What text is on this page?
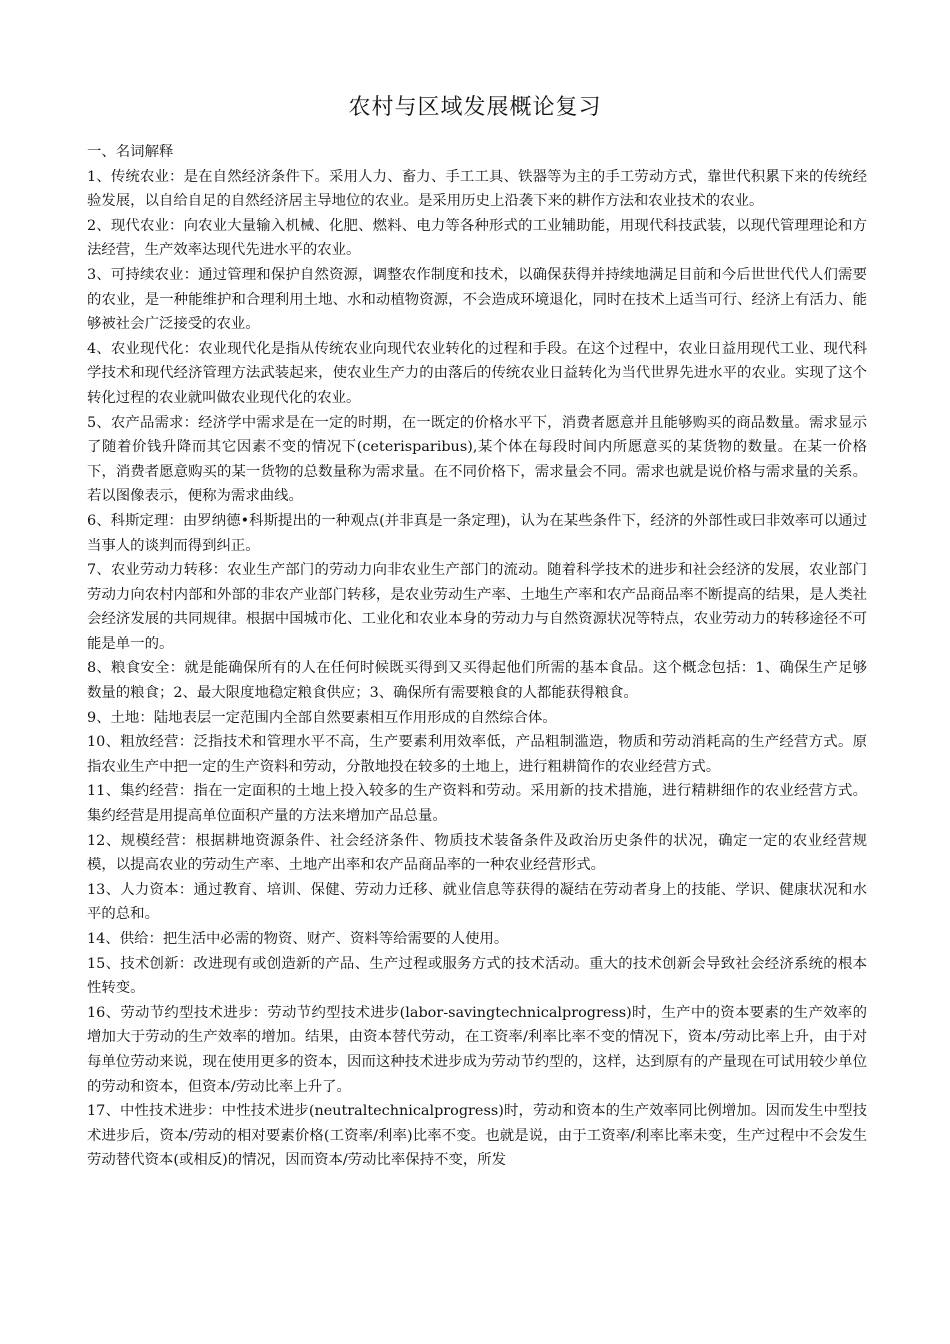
农村与区域发展概论复习

一、名词解释

1、传统农业：是在自然经济条件下。采用人力、畜力、手工工具、铁器等为主的手工劳动方式，靠世代积累下来的传统经验发展，以自给自足的自然经济居主导地位的农业。是采用历史上沿袭下来的耕作方法和农业技术的农业。

2、现代农业：向农业大量输入机械、化肥、燃料、电力等各种形式的工业辅助能，用现代科技武装，以现代管理理论和方法经营，生产效率达现代先进水平的农业。

3、可持续农业：通过管理和保护自然资源，调整农作制度和技术，以确保获得并持续地满足目前和今后世世代代人们需要的农业，是一种能维护和合理利用土地、水和动植物资源，不会造成环境退化，同时在技术上适当可行、经济上有活力、能够被社会广泛接受的农业。

4、农业现代化：农业现代化是指从传统农业向现代农业转化的过程和手段。在这个过程中，农业日益用现代工业、现代科学技术和现代经济管理方法武装起来，使农业生产力的由落后的传统农业日益转化为当代世界先进水平的农业。实现了这个转化过程的农业就叫做农业现代化的农业。

5、农产品需求：经济学中需求是在一定的时期，在一既定的价格水平下，消费者愿意并且能够购买的商品数量。需求显示了随着价钱升降而其它因素不变的情况下(ceterisparibus),某个体在每段时间内所愿意买的某货物的数量。在某一价格下，消费者愿意购买的某一货物的总数量称为需求量。在不同价格下，需求量会不同。需求也就是说价格与需求量的关系。若以图像表示，便称为需求曲线。

6、科斯定理：由罗纳德•科斯提出的一种观点(并非真是一条定理)，认为在某些条件下，经济的外部性或曰非效率可以通过当事人的谈判而得到纠正。

7、农业劳动力转移：农业生产部门的劳动力向非农业生产部门的流动。随着科学技术的进步和社会经济的发展，农业部门劳动力向农村内部和外部的非农产业部门转移，是农业劳动生产率、土地生产率和农产品商品率不断提高的结果，是人类社会经济发展的共同规律。根据中国城市化、工业化和农业本身的劳动力与自然资源状况等特点，农业劳动力的转移途径不可能是单一的。

8、粮食安全：就是能确保所有的人在任何时候既买得到又买得起他们所需的基本食品。这个概念包括：1、确保生产足够数量的粮食；2、最大限度地稳定粮食供应；3、确保所有需要粮食的人都能获得粮食。

9、土地：陆地表层一定范围内全部自然要素相互作用形成的自然综合体。

10、粗放经营：泛指技术和管理水平不高，生产要素利用效率低，产品粗制滥造，物质和劳动消耗高的生产经营方式。原指农业生产中把一定的生产资料和劳动，分散地投在较多的土地上，进行粗耕简作的农业经营方式。

11、集约经营：指在一定面积的土地上投入较多的生产资料和劳动。采用新的技术措施，进行精耕细作的农业经营方式。集约经营是用提高单位面积产量的方法来增加产品总量。

12、规模经营：根据耕地资源条件、社会经济条件、物质技术装备条件及政治历史条件的状况，确定一定的农业经营规模，以提高农业的劳动生产率、土地产出率和农产品商品率的一种农业经营形式。

13、人力资本：通过教育、培训、保健、劳动力迁移、就业信息等获得的凝结在劳动者身上的技能、学识、健康状况和水平的总和。

14、供给：把生活中必需的物资、财产、资料等给需要的人使用。

15、技术创新：改进现有或创造新的产品、生产过程或服务方式的技术活动。重大的技术创新会导致社会经济系统的根本性转变。

16、劳动节约型技术进步：劳动节约型技术进步(labor-savingtechnicalprogress)时，生产中的资本要素的生产效率的增加大于劳动的生产效率的增加。结果，由资本替代劳动，在工资率/利率比率不变的情况下，资本/劳动比率上升，由于对每单位劳动来说，现在使用更多的资本，因而这种技术进步成为劳动节约型的，这样，达到原有的产量现在可试用较少单位的劳动和资本，但资本/劳动比率上升了。

17、中性技术进步：中性技术进步(neutraltechnicalprogress)时，劳动和资本的生产效率同比例增加。因而发生中型技术进步后，资本/劳动的相对要素价格(工资率/利率)比率不变。也就是说，由于工资率/利率比率未变，生产过程中不会发生劳动替代资本(或相反)的情况，因而资本/劳动比率保持不变，所发
